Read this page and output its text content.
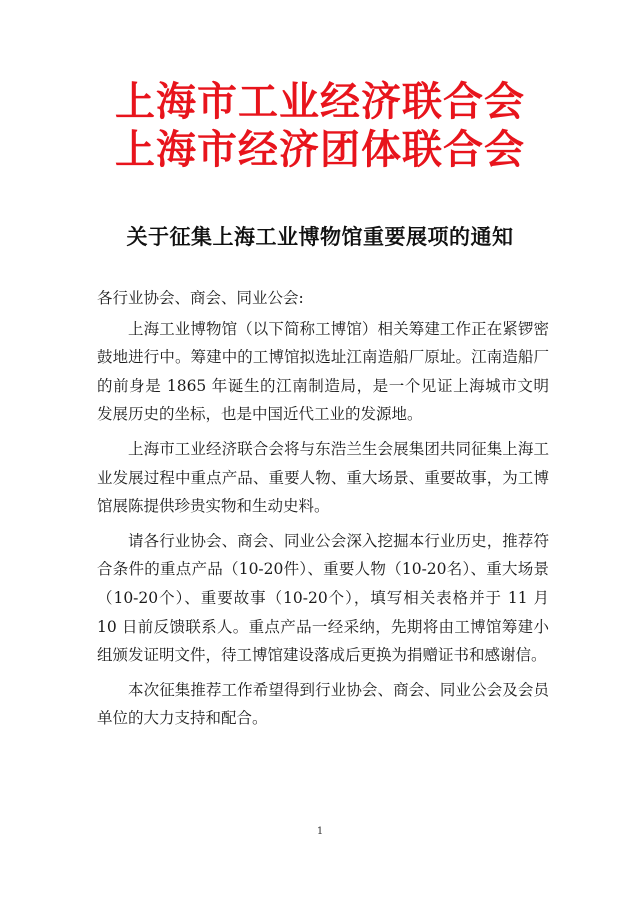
上海市工业经济联合会
上海市经济团体联合会
关于征集上海工业博物馆重要展项的通知

各行业协会、商会、同业公会:

上海工业博物馆（以下简称工博馆）相关筹建工作正在紧锣密鼓地进行中。筹建中的工博馆拟选址江南造船厂原址。江南造船厂的前身是 1865 年诞生的江南制造局，是一个见证上海城市文明发展历史的坐标，也是中国近代工业的发源地。

上海市工业经济联合会将与东浩兰生会展集团共同征集上海工业发展过程中重点产品、重要人物、重大场景、重要故事，为工博馆展陈提供珍贵实物和生动史料。

请各行业协会、商会、同业公会深入挖掘本行业历史，推荐符合条件的重点产品（10-20件）、重要人物（10-20名）、重大场景（10-20个）、重要故事（10-20个），填写相关表格并于 11 月 10 日前反馈联系人。重点产品一经采纳，先期将由工博馆筹建小组颁发证明文件，待工博馆建设落成后更换为捐赠证书和感谢信。

本次征集推荐工作希望得到行业协会、商会、同业公会及会员单位的大力支持和配合。

1
